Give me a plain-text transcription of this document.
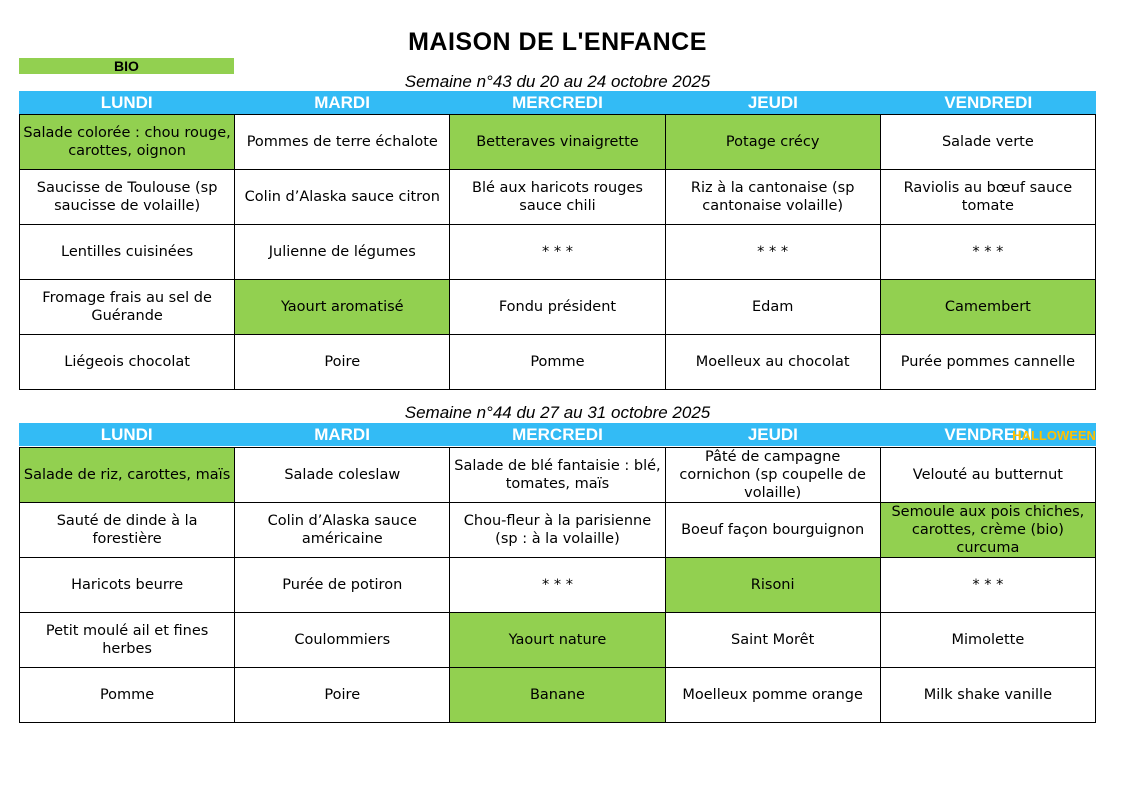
MAISON DE L'ENFANCE
BIO
Semaine n°43 du 20 au 24 octobre 2025
LUNDI	MARDI	MERCREDI	JEUDI	VENDREDI
Salade colorée : chou rouge, carottes, oignon	Pommes de terre échalote	Betteraves vinaigrette	Potage crécy	Salade verte
Saucisse de Toulouse (sp saucisse de volaille)	Colin d’Alaska sauce citron	Blé aux haricots rouges sauce chili	Riz à la cantonaise (sp cantonaise volaille)	Raviolis au bœuf sauce tomate
Lentilles cuisinées	Julienne de légumes	* * *	* * *	* * *
Fromage frais au sel de Guérande	Yaourt aromatisé	Fondu président	Edam	Camembert
Liégeois chocolat	Poire	Pomme	Moelleux au chocolat	Purée pommes cannelle
Semaine n°44 du 27 au 31 octobre 2025
LUNDI	MARDI	MERCREDI	JEUDI	VENDREDI
HALLOWEEN
Salade de riz, carottes, maïs	Salade coleslaw	Salade de blé fantaisie : blé, tomates, maïs	Pâté de campagne cornichon (sp coupelle de volaille)	Velouté au butternut
Sauté de dinde à la forestière	Colin d’Alaska sauce américaine	Chou-fleur à la parisienne (sp : à la volaille)	Boeuf façon bourguignon	Semoule aux pois chiches, carottes, crème (bio) curcuma
Haricots beurre	Purée de potiron	* * *	Risoni	* * *
Petit moulé ail et fines herbes	Coulommiers	Yaourt nature	Saint Morêt	Mimolette
Pomme	Poire	Banane	Moelleux pomme orange	Milk shake vanille
